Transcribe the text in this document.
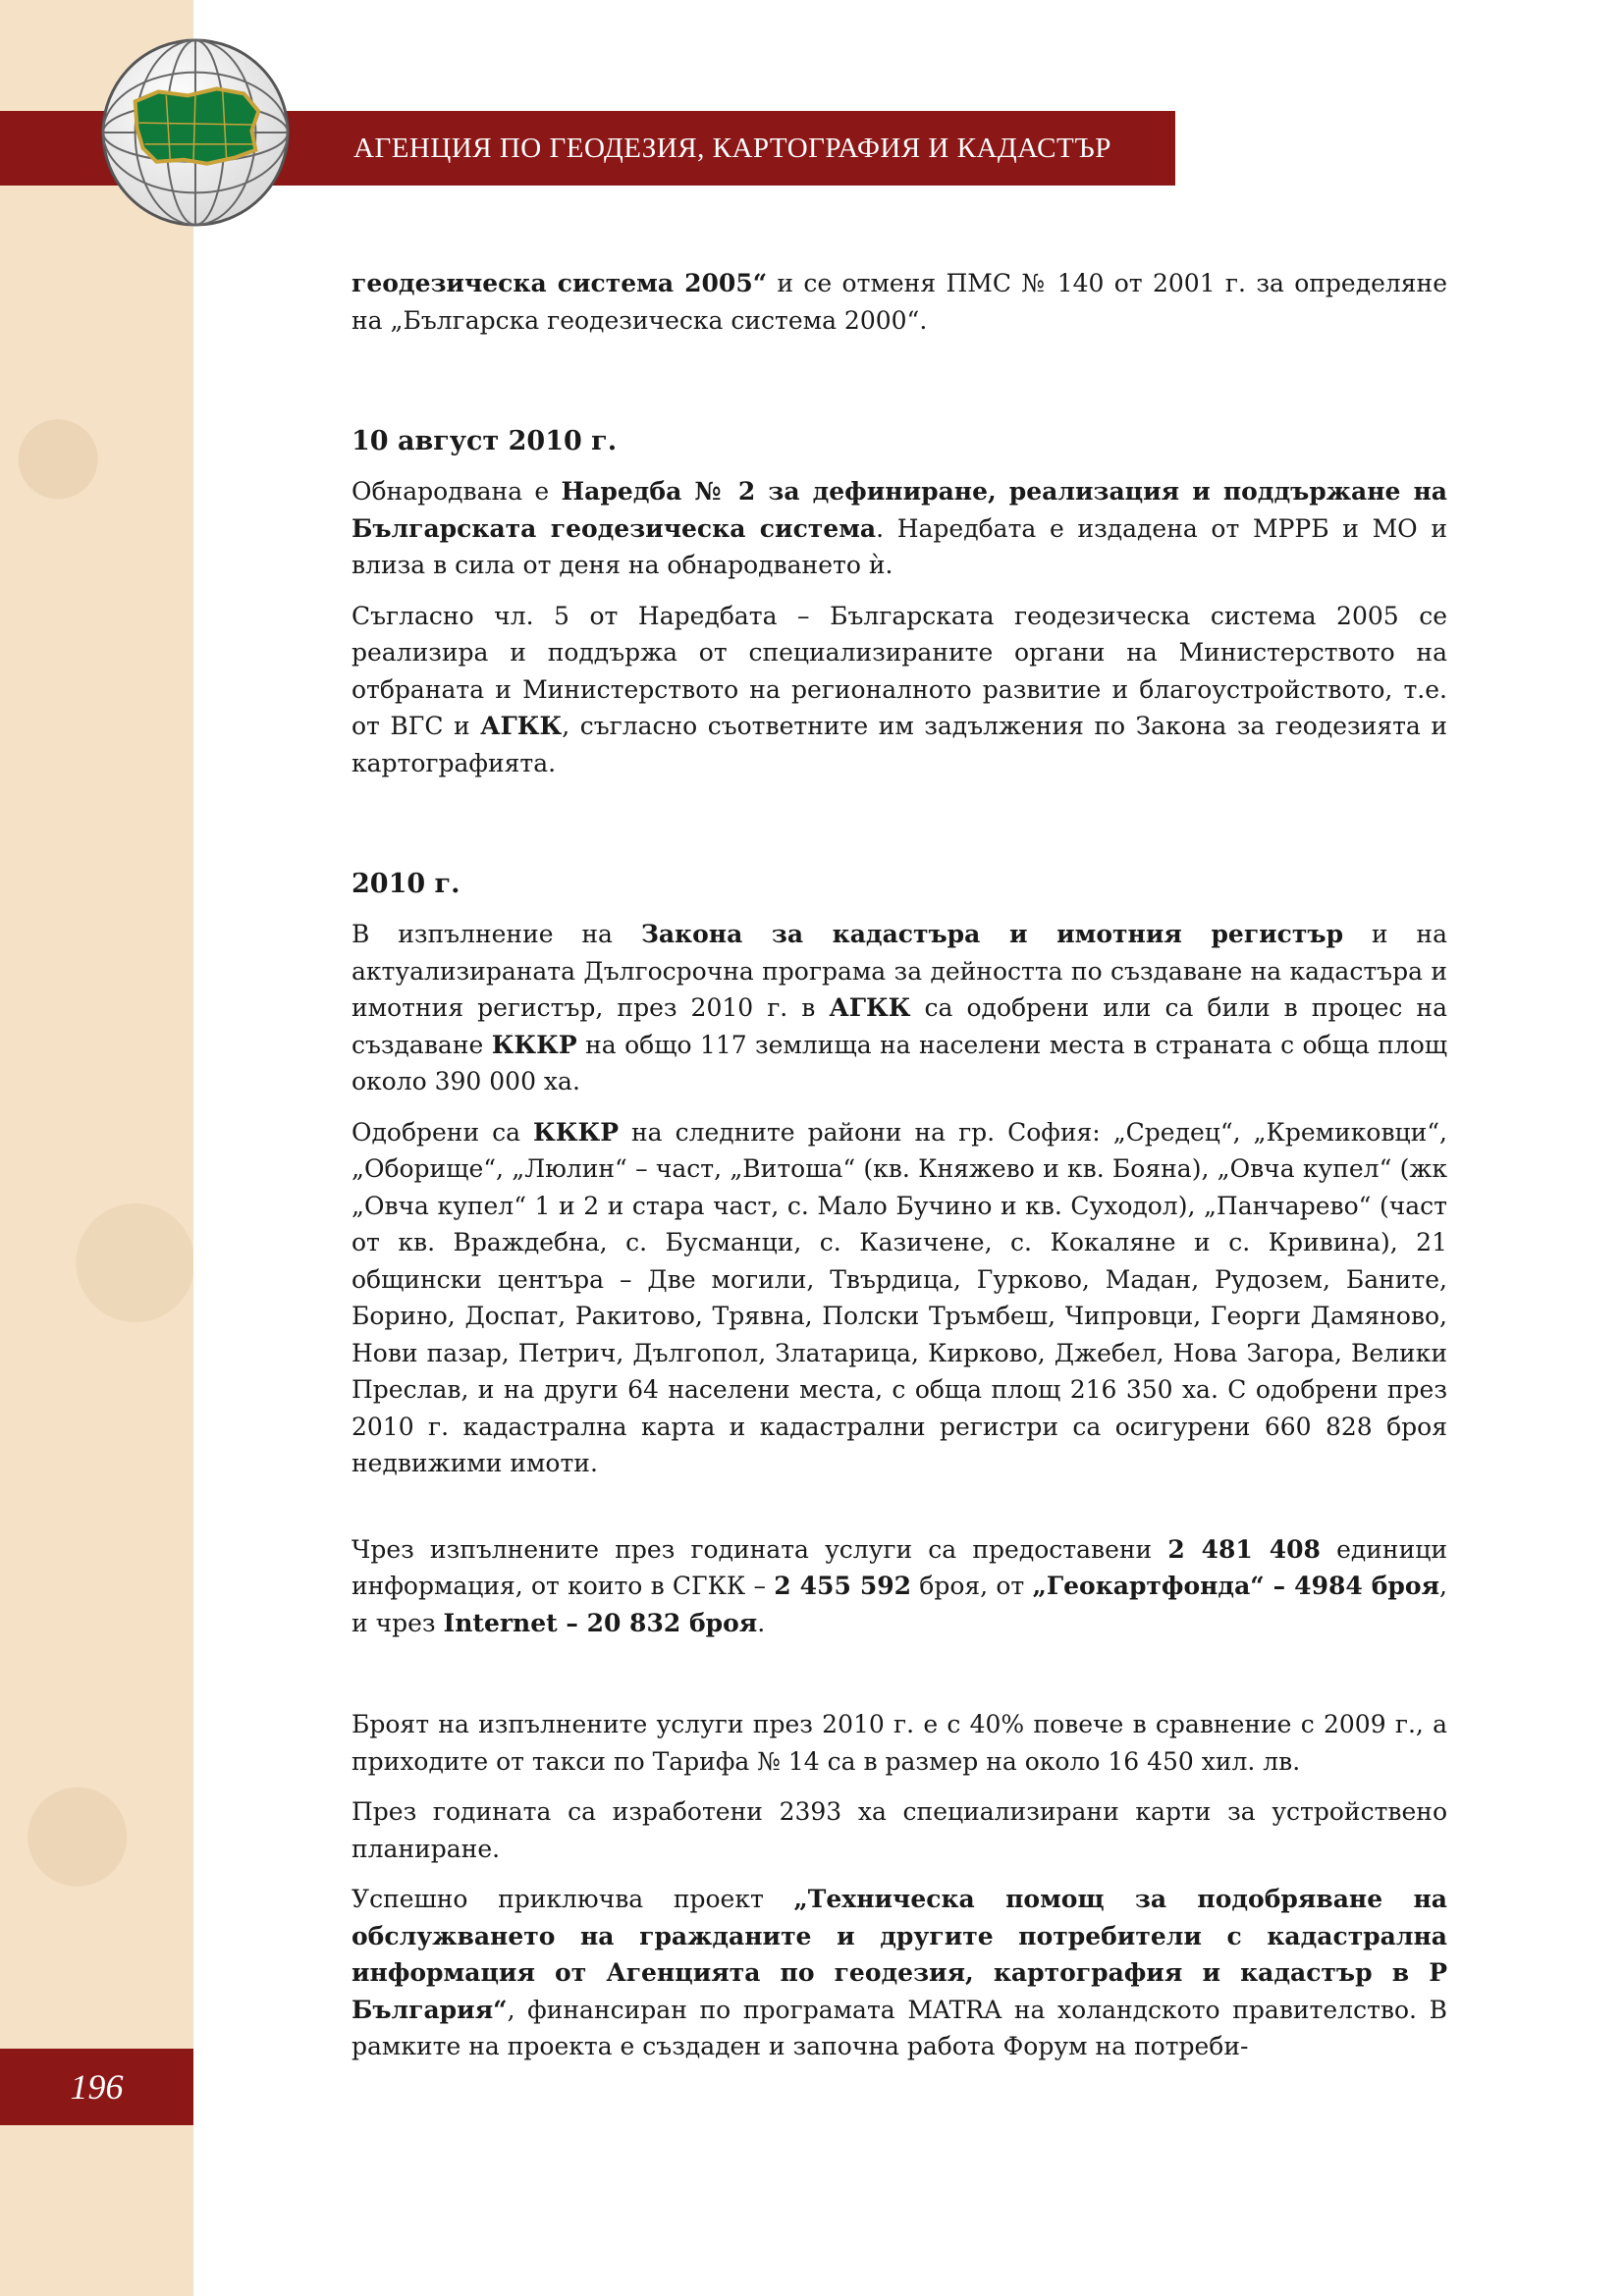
АГЕНЦИЯ ПО ГЕОДЕЗИЯ, КАРТОГРАФИЯ И КАДАСТЪР
196

геодезическа система 2005“ и се отменя ПМС № 140 от 2001 г. за определяне на „Българска геодезическа система 2000“.

10 август 2010 г.

Обнародвана е Наредба № 2 за дефиниране, реализация и поддържане на Българската геодезическа система. Наредбата е издадена от МРРБ и МО и влиза в сила от деня на обнародването ѝ.

Съгласно чл. 5 от Наредбата – Българската геодезическа система 2005 се реализира и поддържа от специализираните органи на Министерството на отбраната и Министерството на регионалното развитие и благоустройството, т.е. от ВГС и АГКК, съгласно съответните им задължения по Закона за геодезията и картографията.

2010 г.

В изпълнение на Закона за кадастъра и имотния регистър и на актуализираната Дългосрочна програма за дейността по създаване на кадастъра и имотния регистър, през 2010 г. в АГКК са одобрени или са били в процес на създаване КККР на общо 117 землища на населени места в страната с обща площ около 390 000 ха.

Одобрени са КККР на следните райони на гр. София: „Средец“, „Кремиковци“, „Оборище“, „Люлин“ – част, „Витоша“ (кв. Княжево и кв. Бояна), „Овча купел“ (жк „Овча купел“ 1 и 2 и стара част, с. Мало Бучино и кв. Суходол), „Панчарево“ (част от кв. Враждебна, с. Бусманци, с. Казичене, с. Кокаляне и с. Кривина), 21 общински центъра – Две могили, Твърдица, Гурково, Мадан, Рудозем, Баните, Борино, Доспат, Ракитово, Трявна, Полски Тръмбеш, Чипровци, Георги Дамяново, Нови пазар, Петрич, Дългопол, Златарица, Кирково, Джебел, Нова Загора, Велики Преслав, и на други 64 населени места, с обща площ 216 350 ха. С одобрени през 2010 г. кадастрална карта и кадастрални регистри са осигурени 660 828 броя недвижими имоти.

Чрез изпълнените през годината услуги са предоставени 2 481 408 единици информация, от които в СГКК – 2 455 592 броя, от „Геокартфонда“ – 4984 броя, и чрез Internet – 20 832 броя.

Броят на изпълнените услуги през 2010 г. е с 40% повече в сравнение с 2009 г., а приходите от такси по Тарифа № 14 са в размер на около 16 450 хил. лв.

През годината са изработени 2393 ха специализирани карти за устройствено планиране.

Успешно приключва проект „Техническа помощ за подобряване на обслужването на гражданите и другите потребители с кадастрална информация от Агенцията по геодезия, картография и кадастър в Р България“, финансиран по програмата MATRA на холандското правителство. В рамките на проекта е създаден и започна работа Форум на потреби-
